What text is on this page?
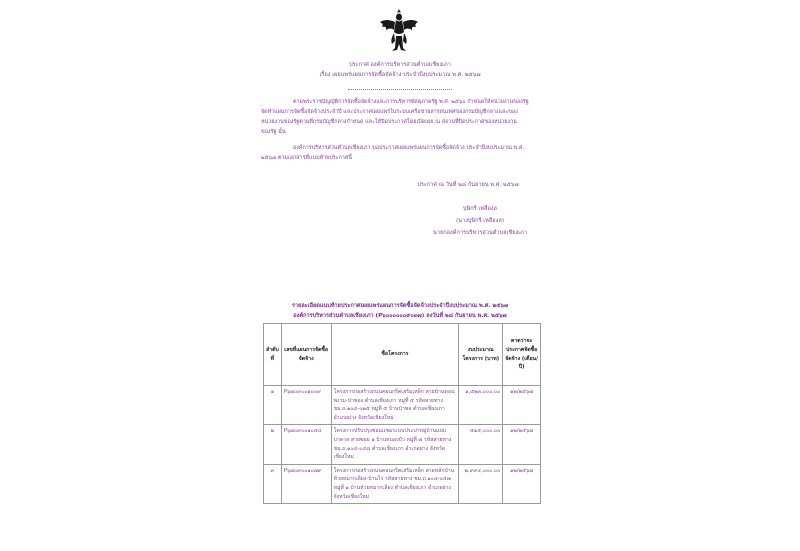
ประกาศ องค์การบริหารส่วนตำบลเชียงเภา
เรื่อง เผยแพร่แผนการจัดซื้อจัดจ้าง ประจำปีงบประมาณ พ.ศ. ๒๕๖๗
ตามพระราชบัญญัติการจัดซื้อจัดจ้างและการบริหารพัสดุภาครัฐ พ.ศ. ๒๕๖๐ กำหนดให้หน่วยงานของรัฐ
จัดทำแผนการจัดซื้อจัดจ้างประจำปี และประกาศเผยแพร่ในระบบเครือข่ายสารสนเทศของกรมบัญชีกลางและของ
หน่วยงานของรัฐตามที่กรมบัญชีกลางกำหนด และให้ปิดประกาศโดยเปิดเผย ณ สถานที่ปิดประกาศของหน่วยงาน
ของรัฐ นั้น
องค์การบริหารส่วนตำบลเชียงเภา ขอประกาศเผยแพร่แผนการจัดซื้อจัดจ้าง ประจำปีงบประมาณ พ.ศ.
๒๕๖๗ ตามเอกสารที่แนบท้ายประกาศนี้
ประกาศ ณ วันที่ ๒๘ กันยายน พ.ศ. ๒๕๖๗
บุษิกรี เหลืองล
(นางบุษิกรี เหลืองล)
นายกองค์การบริหารส่วนตำบลเชียงเภา
รายละเอียดแนบท้ายประกาศเผยแพร่แผนการจัดซื้อจัดจ้างประจำปีงบประมาณ พ.ศ. ๒๕๖๗
องค์การบริหารส่วนตำบลเชียงเภา (P๖๐๐๐๐๐๐๙๐๓๗) ลงวันที่ ๒๘ กันยายน พ.ศ. ๒๕๖๗
ลำดับที่	เลขที่แผนการจัดซื้อจัดจ้าง	ชื่อโครงการ	งบประมาณโครงการ (บาท)	คาดว่าจะประกาศจัดซื้อจัดจ้าง (เดือน/ปี)
๑	P๖๗๐๙๐๐๑๐๐๙	โครงการก่อสร้างถนนคอนกรีตเสริมเหล็ก สายบ้านดอนพงาม-ป่าชอง ตำบลเชียงเภา หมู่ที่ ๕ รหัสสายทาง ชม.ถ.๑๐๔-๐๒๕ หมู่ที่ ๕ บ้านป่าซอ ตำบลเชียงเภา อำเภอฝาง จังหวัดเชียงใหม่	๑,๕๒๓,๐๐๐.๐๐	๑๒/๒๕๖๗
๒	P๖๗๐๙๐๐๑๐๕๔	โครงการปรับปรุงซ่อมแซมระบบประปาหมู่บ้านแบบบาดาล สายซอย ๑ บ้านหนองบัว หมู่ที่ ๗ รหัสสายทาง ชม.ถ.๑๐๔-๐๔๘ ตำบลเชียงเภา อำเภอฝาง จังหวัดเชียงใหม่	๕๑๕,๐๐๐.๐๐	๑๒/๒๕๖๗
๓	P๖๗๐๙๐๐๑๐๗๙	โครงการก่อสร้างถนนคอนกรีตเสริมเหล็ก สายหลักบ้านห้วยหมากเลียง-บ้านไร่ รหัสสายทาง ชม.ถ.๑๐๔-๐๕๗ หมู่ที่ ๑ บ้านห้วยหมากเลียง ตำบลเชียงเภา อำเภอฝาง จังหวัดเชียงใหม่	๒,๙๙๔,๐๐๐.๐๐	๑๒/๒๕๖๗
